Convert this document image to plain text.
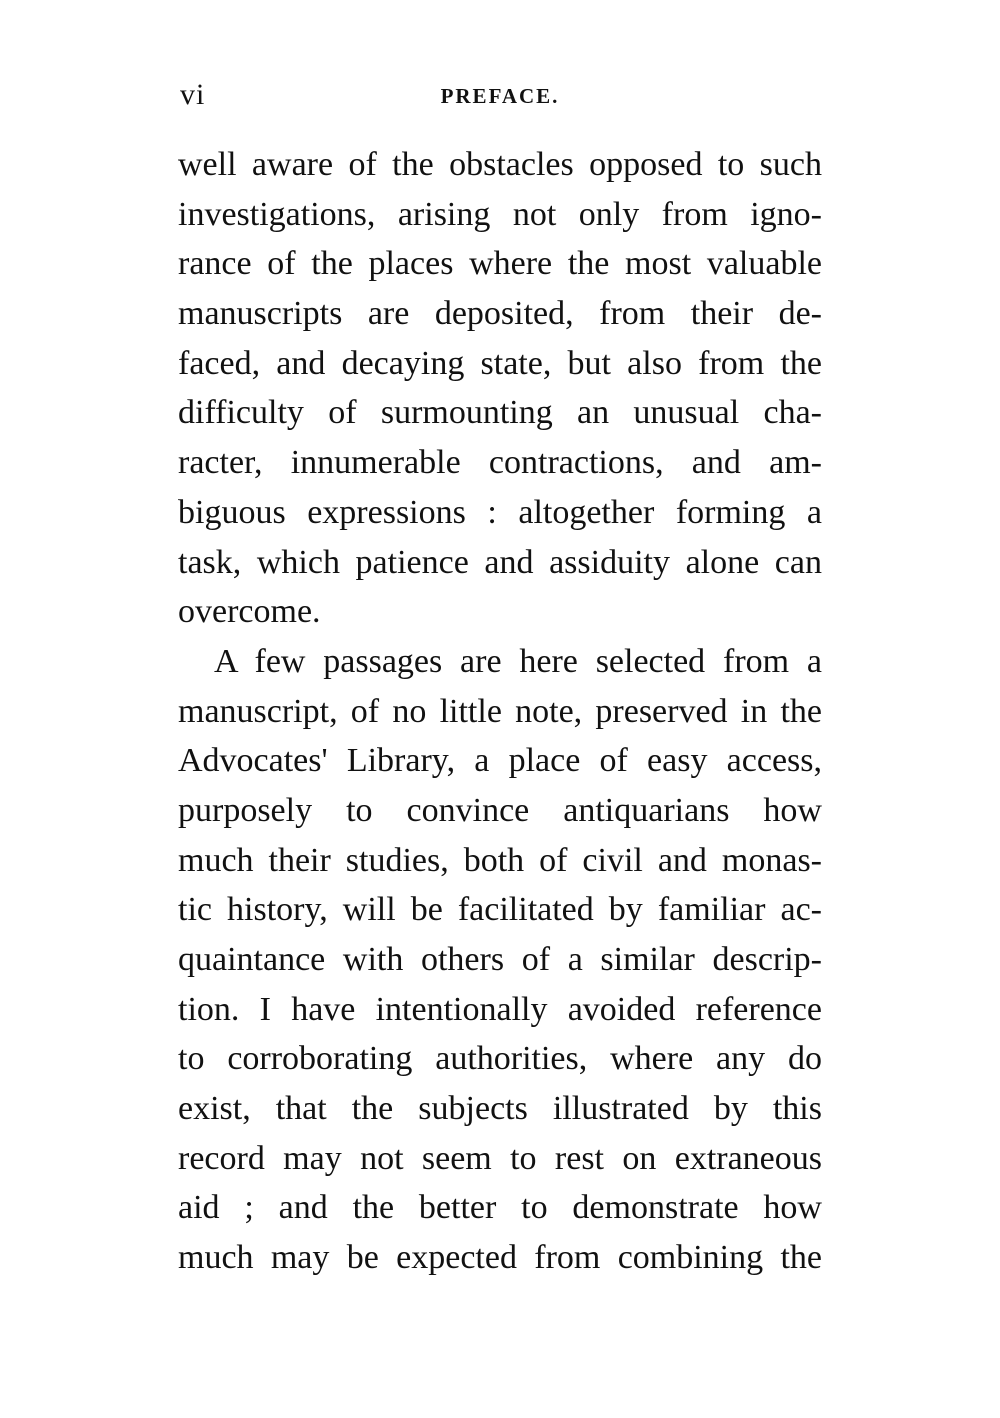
vi	PREFACE.
well aware of the obstacles opposed to such
investigations, arising not only from igno-
rance of the places where the most valuable
manuscripts are deposited, from their de-
faced, and decaying state, but also from the
difficulty of surmounting an unusual cha-
racter, innumerable contractions, and am-
biguous expressions : altogether forming a
task, which patience and assiduity alone can
overcome.
A few passages are here selected from a
manuscript, of no little note, preserved in the
Advocates' Library, a place of easy access,
purposely to convince antiquarians how
much their studies, both of civil and monas-
tic history, will be facilitated by familiar ac-
quaintance with others of a similar descrip-
tion. I have intentionally avoided reference
to corroborating authorities, where any do
exist, that the subjects illustrated by this
record may not seem to rest on extraneous
aid ; and the better to demonstrate how
much may be expected from combining the
